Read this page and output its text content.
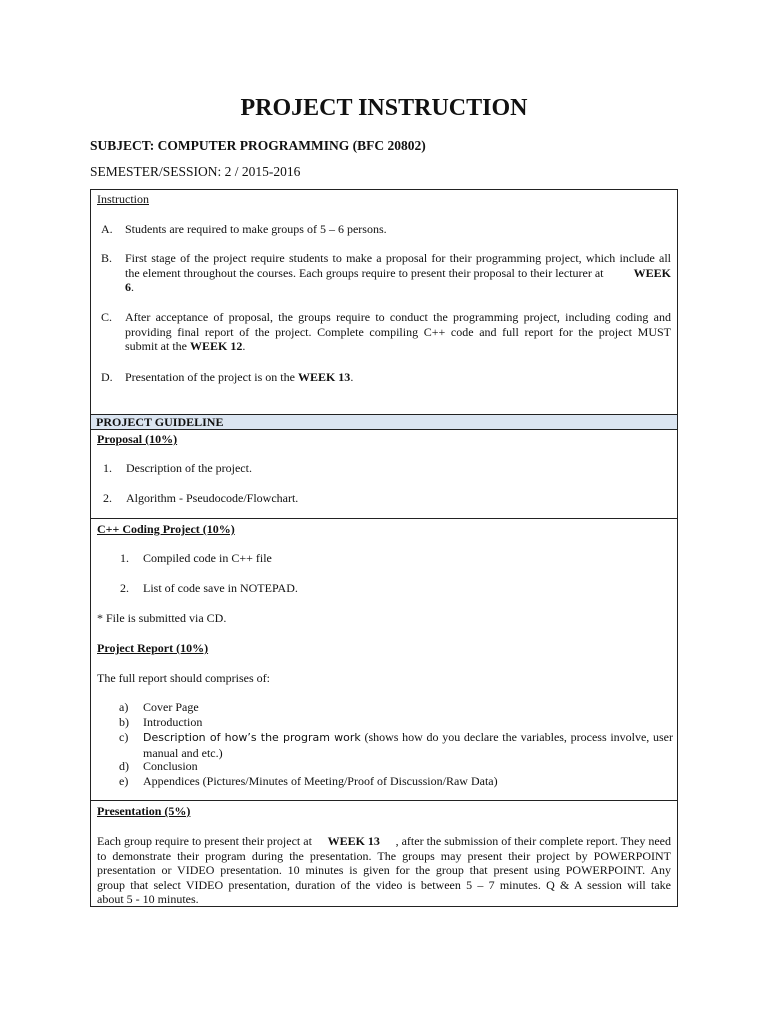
PROJECT INSTRUCTION
SUBJECT: COMPUTER PROGRAMMING (BFC 20802)
SEMESTER/SESSION: 2 / 2015-2016
Instruction
A. Students are required to make groups of 5 – 6 persons.
B. First stage of the project require students to make a proposal for their programming project, which include all
the element throughout the courses. Each groups require to present their proposal to their lecturer at	WEEK
6.
C. After acceptance of proposal, the groups require to conduct the programming project, including coding and
providing final report of the project. Complete compiling C++ code and full report for the project MUST
submit at the WEEK 12.
D. Presentation of the project is on the WEEK 13.
PROJECT GUIDELINE
Proposal (10%)
1. Description of the project.
2. Algorithm - Pseudocode/Flowchart.
C++ Coding Project (10%)
1. Compiled code in C++ file
2. List of code save in NOTEPAD.
* File is submitted via CD.
Project Report (10%)
The full report should comprises of:
a) Cover Page
b) Introduction
c) Description of how’s the program work (shows how do you declare the variables, process involve, user
manual and etc.)
d) Conclusion
e) Appendices (Pictures/Minutes of Meeting/Proof of Discussion/Raw Data)
Presentation (5%)
Each group require to present their project at WEEK 13 , after the submission of their complete report. They need
to demonstrate their program during the presentation. The groups may present their project by POWERPOINT
presentation or VIDEO presentation. 10 minutes is given for the group that present using POWERPOINT. Any
group that select VIDEO presentation, duration of the video is between 5 – 7 minutes. Q & A session will take
about 5 - 10 minutes.
